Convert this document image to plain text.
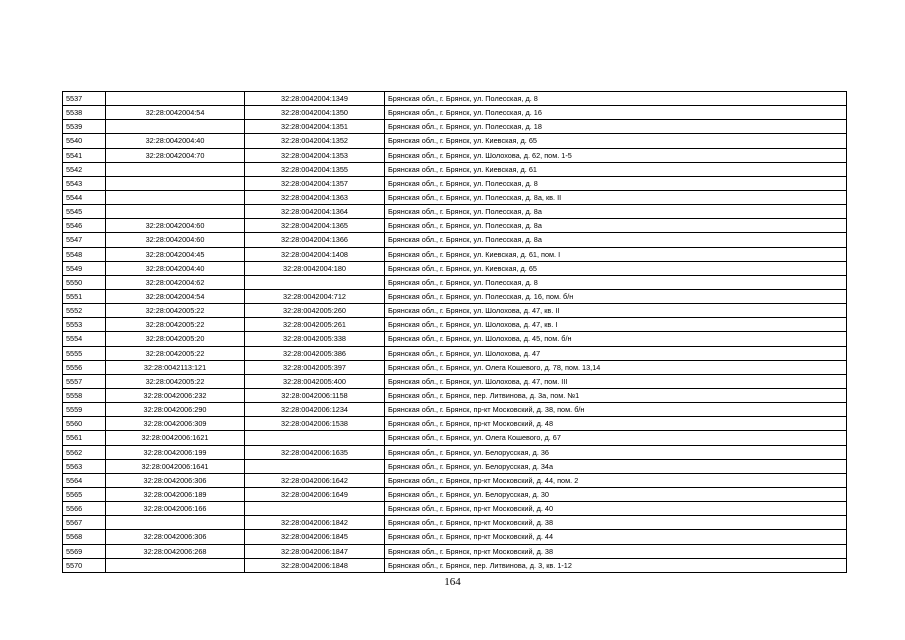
5537		32:28:0042004:1349	Брянская обл., г. Брянск, ул. Полесская, д. 8
5538	32:28:0042004:54	32:28:0042004:1350	Брянская обл., г. Брянск, ул. Полесская, д. 16
5539		32:28:0042004:1351	Брянская обл., г. Брянск, ул. Полесская, д. 18
5540	32:28:0042004:40	32:28:0042004:1352	Брянская обл., г. Брянск, ул. Киевская, д. 65
5541	32:28:0042004:70	32:28:0042004:1353	Брянская обл., г. Брянск, ул. Шолохова, д. 62, пом. 1-5
5542		32:28:0042004:1355	Брянская обл., г. Брянск, ул. Киевская, д. 61
5543		32:28:0042004:1357	Брянская обл., г. Брянск, ул. Полесская, д. 8
5544		32:28:0042004:1363	Брянская обл., г. Брянск, ул. Полесская, д. 8а, кв. II
5545		32:28:0042004:1364	Брянская обл., г. Брянск, ул. Полесская, д. 8а
5546	32:28:0042004:60	32:28:0042004:1365	Брянская обл., г. Брянск, ул. Полесская, д. 8а
5547	32:28:0042004:60	32:28:0042004:1366	Брянская обл., г. Брянск, ул. Полесская, д. 8а
5548	32:28:0042004:45	32:28:0042004:1408	Брянская обл., г. Брянск, ул. Киевская, д. 61, пом. I
5549	32:28:0042004:40	32:28:0042004:180	Брянская обл., г. Брянск, ул. Киевская, д. 65
5550	32:28:0042004:62		Брянская обл., г. Брянск, ул. Полесская, д. 8
5551	32:28:0042004:54	32:28:0042004:712	Брянская обл., г. Брянск, ул. Полесская, д. 16, пом. б/н
5552	32:28:0042005:22	32:28:0042005:260	Брянская обл., г. Брянск, ул. Шолохова, д. 47, кв. II
5553	32:28:0042005:22	32:28:0042005:261	Брянская обл., г. Брянск, ул. Шолохова, д. 47, кв. I
5554	32:28:0042005:20	32:28:0042005:338	Брянская обл., г. Брянск, ул. Шолохова, д. 45, пом. б/н
5555	32:28:0042005:22	32:28:0042005:386	Брянская обл., г. Брянск, ул. Шолохова, д. 47
5556	32:28:0042113:121	32:28:0042005:397	Брянская обл., г. Брянск, ул. Олега Кошевого, д. 78, пом. 13,14
5557	32:28:0042005:22	32:28:0042005:400	Брянская обл., г. Брянск, ул. Шолохова, д. 47, пом. III
5558	32:28:0042006:232	32:28:0042006:1158	Брянская обл., г. Брянск, пер. Литвинова, д. 3а, пом. №1
5559	32:28:0042006:290	32:28:0042006:1234	Брянская обл., г. Брянск, пр-кт Московский, д. 38, пом. б/н
5560	32:28:0042006:309	32:28:0042006:1538	Брянская обл., г. Брянск, пр-кт Московский, д. 48
5561	32:28:0042006:1621		Брянская обл., г. Брянск, ул. Олега Кошевого, д. 67
5562	32:28:0042006:199	32:28:0042006:1635	Брянская обл., г. Брянск, ул. Белорусская, д. 36
5563	32:28:0042006:1641		Брянская обл., г. Брянск, ул. Белорусская, д. 34а
5564	32:28:0042006:306	32:28:0042006:1642	Брянская обл., г. Брянск, пр-кт Московский, д. 44, пом. 2
5565	32:28:0042006:189	32:28:0042006:1649	Брянская обл., г. Брянск, ул. Белорусская, д. 30
5566	32:28:0042006:166		Брянская обл., г. Брянск, пр-кт Московский, д. 40
5567		32:28:0042006:1842	Брянская обл., г. Брянск, пр-кт Московский, д. 38
5568	32:28:0042006:306	32:28:0042006:1845	Брянская обл., г. Брянск, пр-кт Московский, д. 44
5569	32:28:0042006:268	32:28:0042006:1847	Брянская обл., г. Брянск, пр-кт Московский, д. 38
5570		32:28:0042006:1848	Брянская обл., г. Брянск, пер. Литвинова, д. 3, кв. 1-12
164
